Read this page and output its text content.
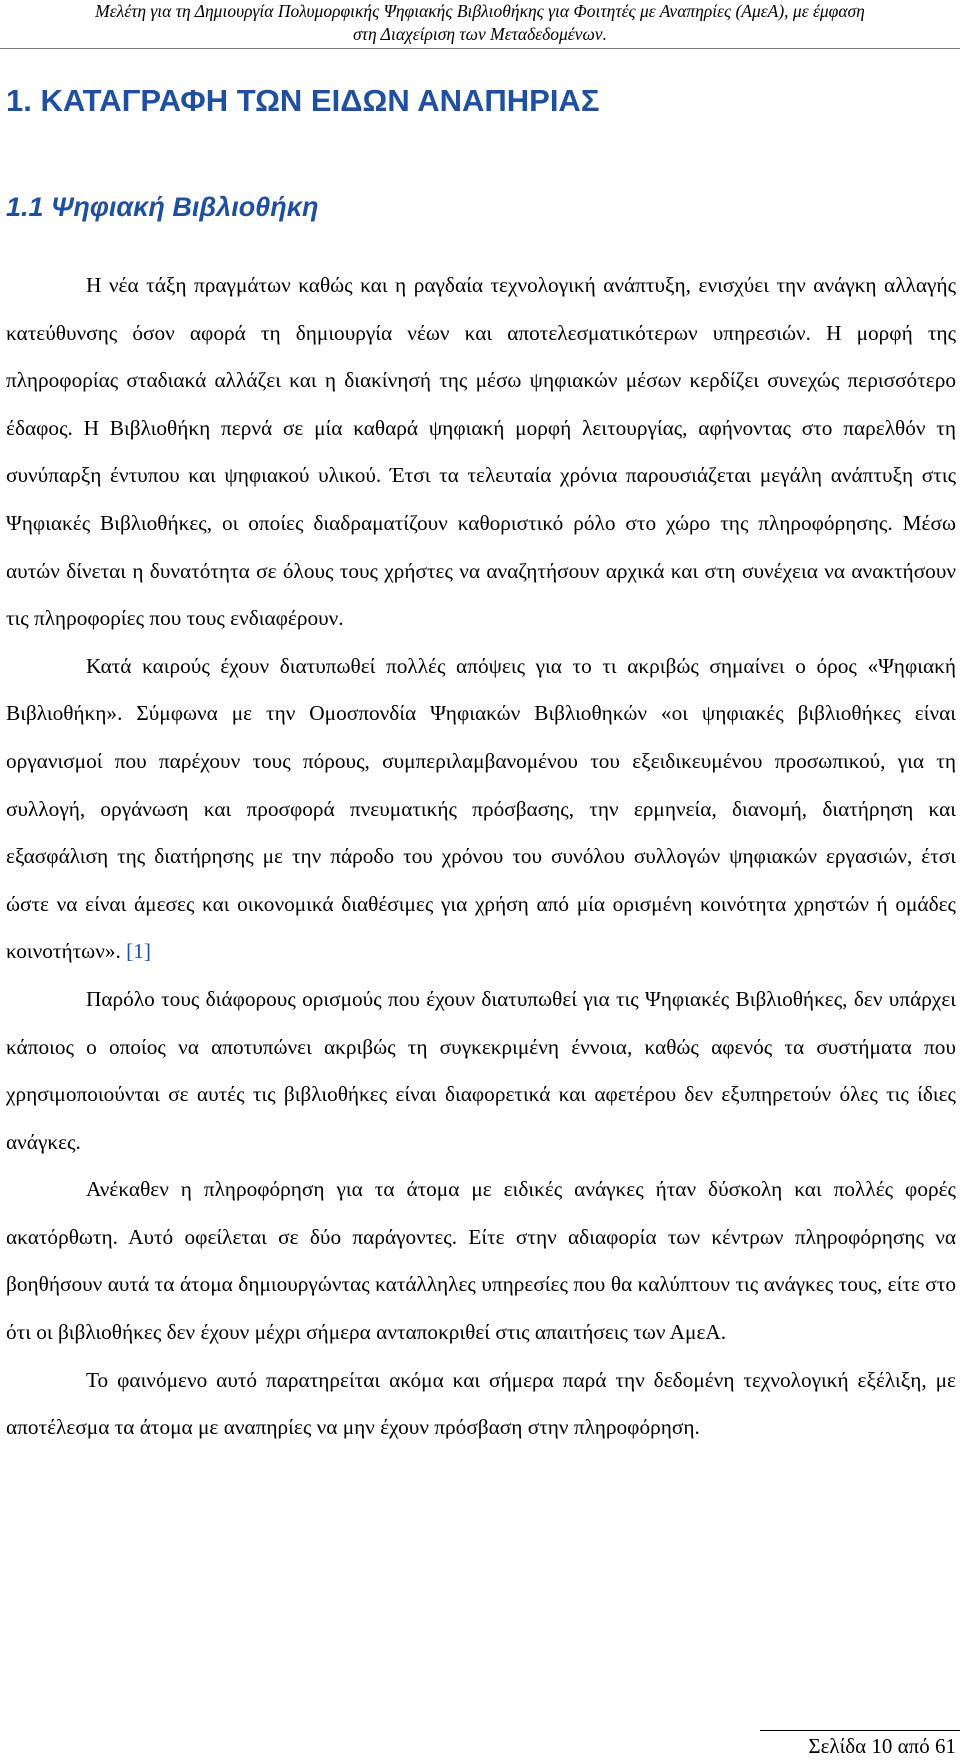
Μελέτη για τη Δημιουργία Πολυμορφικής Ψηφιακής Βιβλιοθήκης για Φοιτητές με Αναπηρίες (ΑμεΑ), με έμφαση
στη Διαχείριση των Μεταδεδομένων.
1. ΚΑΤΑΓΡΑΦΗ ΤΩΝ ΕΙΔΩΝ ΑΝΑΠΗΡΙΑΣ
1.1 Ψηφιακή Βιβλιοθήκη

Η νέα τάξη πραγμάτων καθώς και η ραγδαία τεχνολογική ανάπτυξη, ενισχύει την ανάγκη αλλαγής κατεύθυνσης όσον αφορά τη δημιουργία νέων και αποτελεσματικότερων υπηρεσιών. Η μορφή της πληροφορίας σταδιακά αλλάζει και η διακίνησή της μέσω ψηφιακών μέσων κερδίζει συνεχώς περισσότερο έδαφος. Η Βιβλιοθήκη περνά σε μία καθαρά ψηφιακή μορφή λειτουργίας, αφήνοντας στο παρελθόν τη συνύπαρξη έντυπου και ψηφιακού υλικού. Έτσι τα τελευταία χρόνια παρουσιάζεται μεγάλη ανάπτυξη στις Ψηφιακές Βιβλιοθήκες, οι οποίες διαδραματίζουν καθοριστικό ρόλο στο χώρο της πληροφόρησης. Μέσω αυτών δίνεται η δυνατότητα σε όλους τους χρήστες να αναζητήσουν αρχικά και στη συνέχεια να ανακτήσουν τις πληροφορίες που τους ενδιαφέρουν.

Κατά καιρούς έχουν διατυπωθεί πολλές απόψεις για το τι ακριβώς σημαίνει ο όρος «Ψηφιακή Βιβλιοθήκη». Σύμφωνα με την Ομοσπονδία Ψηφιακών Βιβλιοθηκών «οι ψηφιακές βιβλιοθήκες είναι οργανισμοί που παρέχουν τους πόρους, συμπεριλαμβανομένου του εξειδικευμένου προσωπικού, για τη συλλογή, οργάνωση και προσφορά πνευματικής πρόσβασης, την ερμηνεία, διανομή, διατήρηση και εξασφάλιση της διατήρησης με την πάροδο του χρόνου του συνόλου συλλογών ψηφιακών εργασιών, έτσι ώστε να είναι άμεσες και οικονομικά διαθέσιμες για χρήση από μία ορισμένη κοινότητα χρηστών ή ομάδες κοινοτήτων». [1]

Παρόλο τους διάφορους ορισμούς που έχουν διατυπωθεί για τις Ψηφιακές Βιβλιοθήκες, δεν υπάρχει κάποιος ο οποίος να αποτυπώνει ακριβώς τη συγκεκριμένη έννοια, καθώς αφενός τα συστήματα που χρησιμοποιούνται σε αυτές τις βιβλιοθήκες είναι διαφορετικά και αφετέρου δεν εξυπηρετούν όλες τις ίδιες ανάγκες.

Ανέκαθεν η πληροφόρηση για τα άτομα με ειδικές ανάγκες ήταν δύσκολη και πολλές φορές ακατόρθωτη. Αυτό οφείλεται σε δύο παράγοντες. Είτε στην αδιαφορία των κέντρων πληροφόρησης να βοηθήσουν αυτά τα άτομα δημιουργώντας κατάλληλες υπηρεσίες που θα καλύπτουν τις ανάγκες τους, είτε στο ότι οι βιβλιοθήκες δεν έχουν μέχρι σήμερα ανταποκριθεί στις απαιτήσεις των ΑμεΑ.

Το φαινόμενο αυτό παρατηρείται ακόμα και σήμερα παρά την δεδομένη τεχνολογική εξέλιξη, με αποτέλεσμα τα άτομα με αναπηρίες να μην έχουν πρόσβαση στην πληροφόρηση.

Σελίδα 10 από 61
